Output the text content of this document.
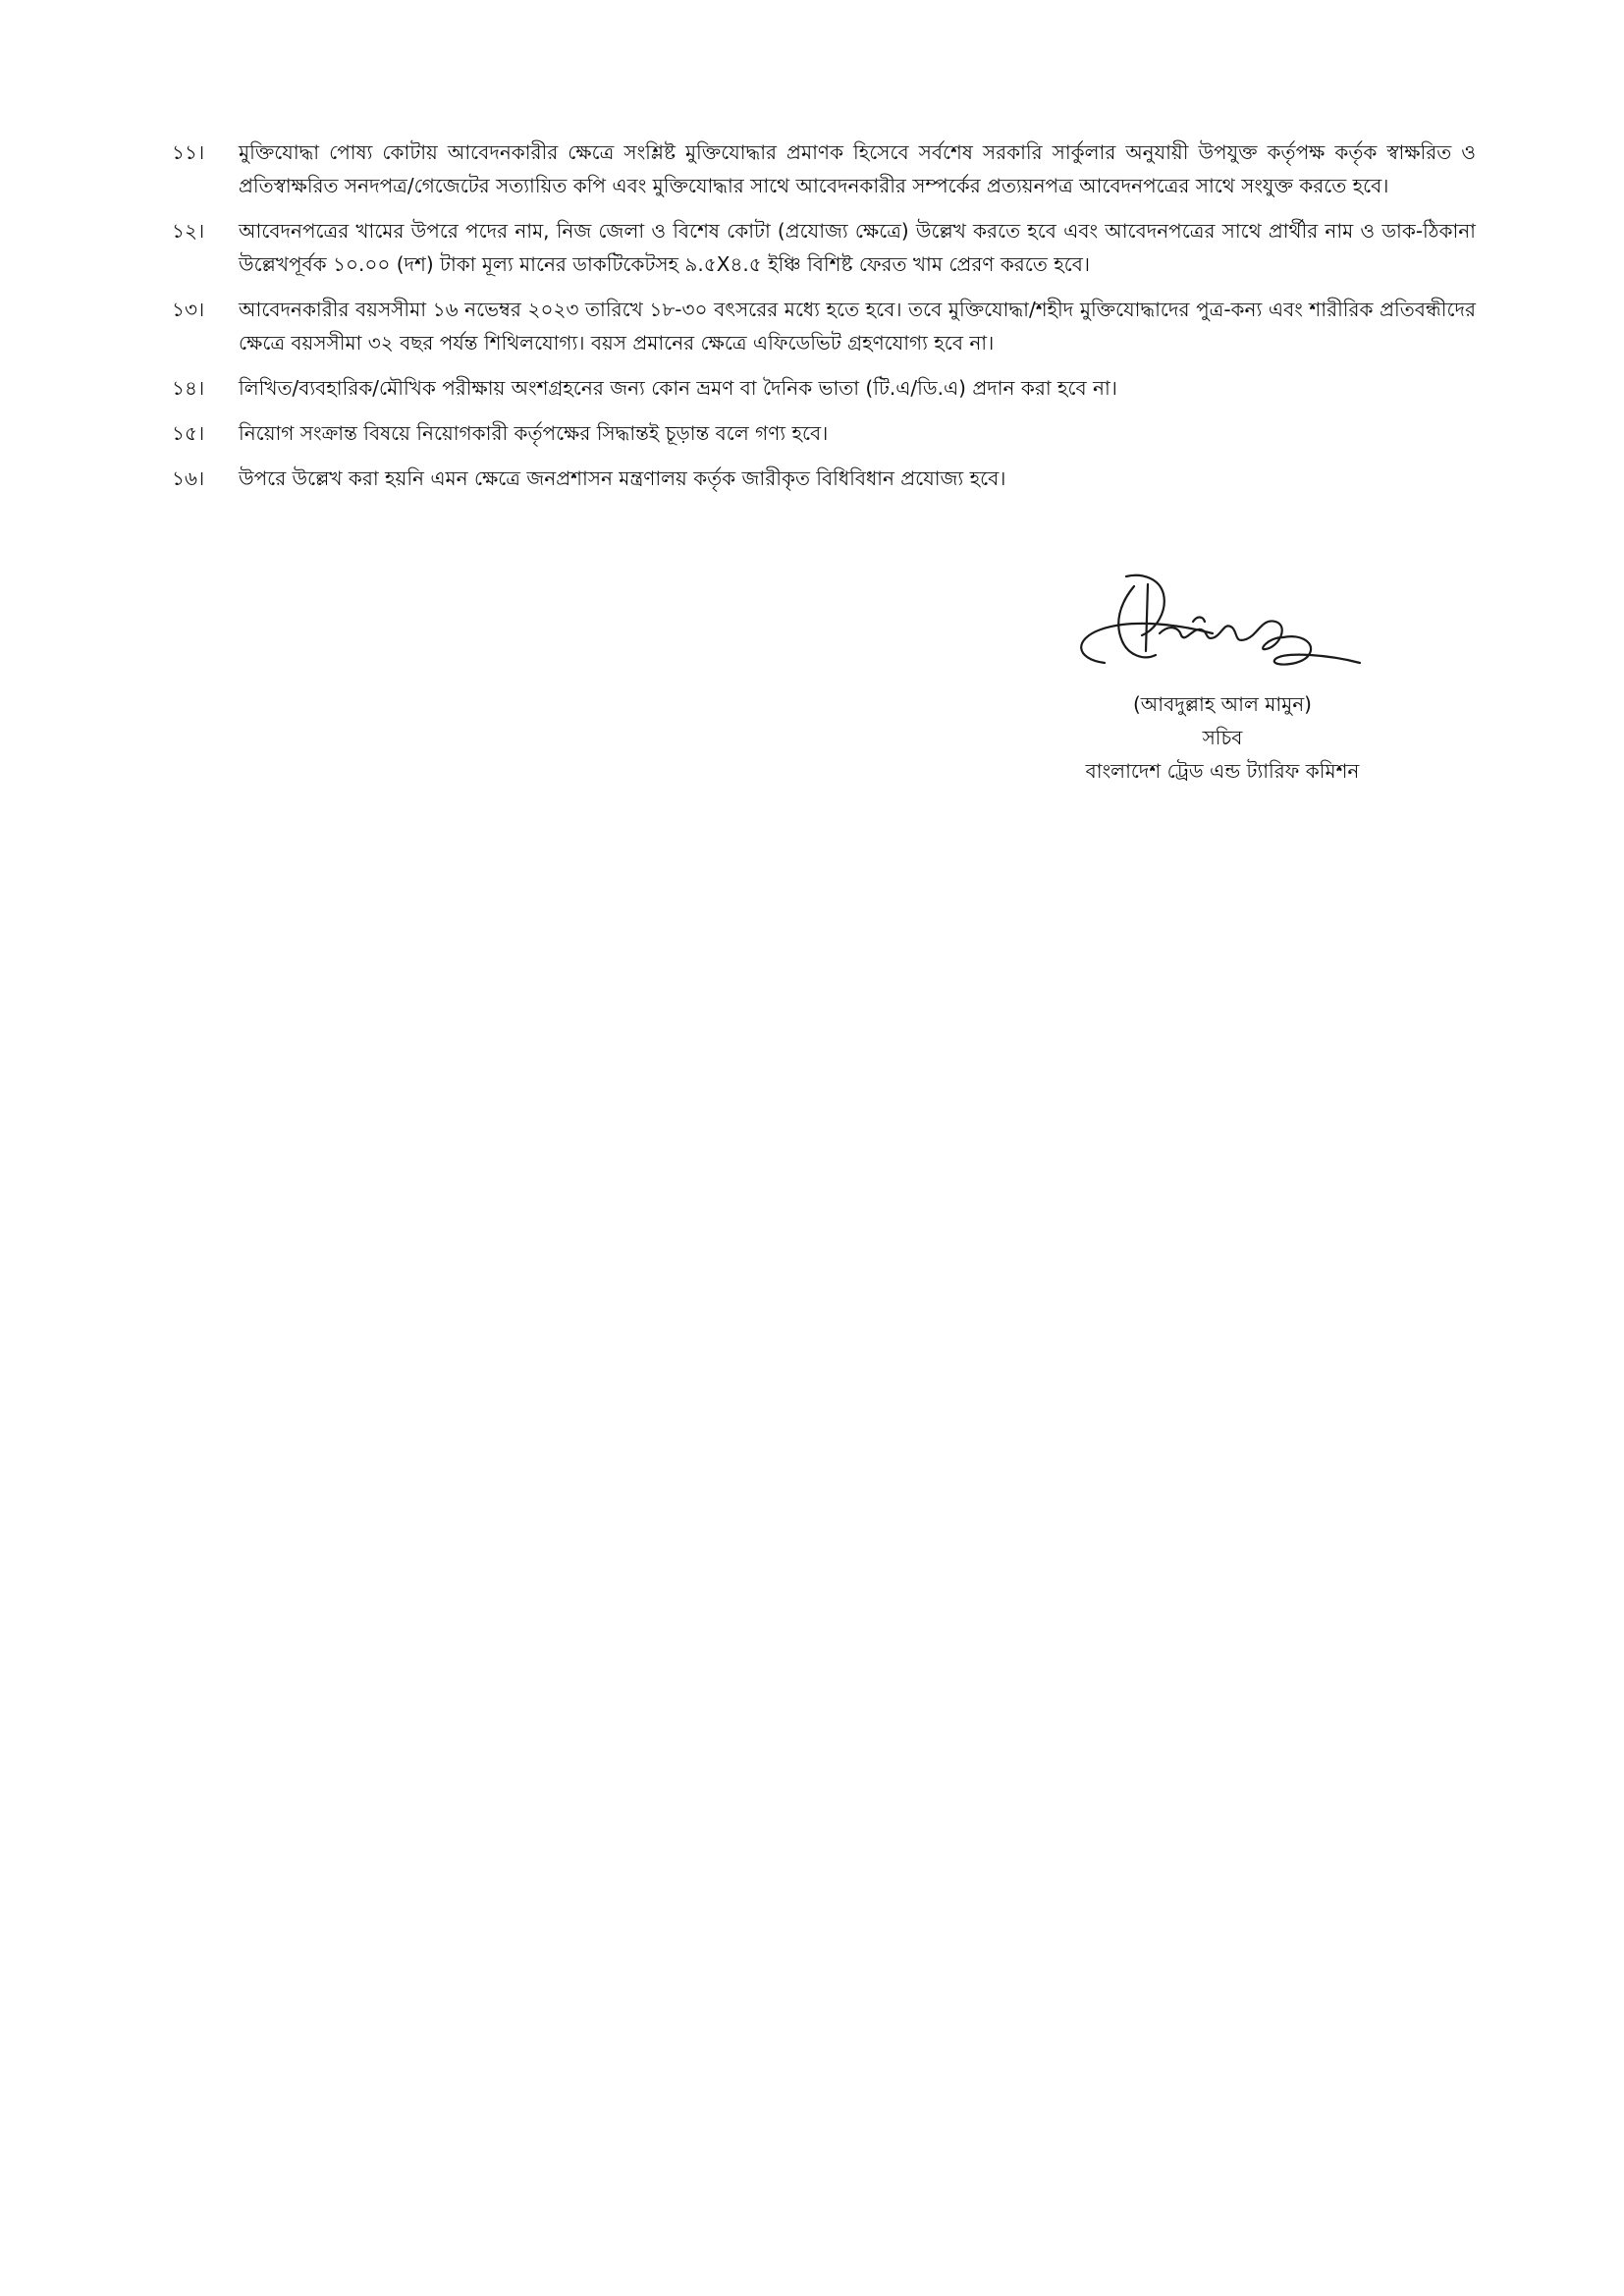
১১।	মুক্তিযোদ্ধা পোষ্য কোটায় আবেদনকারীর ক্ষেত্রে সংশ্লিষ্ট মুক্তিযোদ্ধার প্রমাণক হিসেবে সর্বশেষ সরকারি সার্কুলার অনুযায়ী উপযুক্ত কর্তৃপক্ষ কর্তৃক স্বাক্ষরিত ও প্রতিস্বাক্ষরিত সনদপত্র/গেজেটের সত্যায়িত কপি এবং মুক্তিযোদ্ধার সাথে আবেদনকারীর সম্পর্কের প্রত্যয়নপত্র আবেদনপত্রের সাথে সংযুক্ত করতে হবে।
১২।	আবেদনপত্রের খামের উপরে পদের নাম, নিজ জেলা ও বিশেষ কোটা (প্রযোজ্য ক্ষেত্রে) উল্লেখ করতে হবে এবং আবেদনপত্রের সাথে প্রার্থীর নাম ও ডাক-ঠিকানা উল্লেখপূর্বক ১০.০০ (দশ) টাকা মূল্য মানের ডাকটিকেটসহ ৯.৫X৪.৫ ইঞ্চি বিশিষ্ট ফেরত খাম প্রেরণ করতে হবে।
১৩।	আবেদনকারীর বয়সসীমা ১৬ নভেম্বর ২০২৩ তারিখে ১৮-৩০ বৎসরের মধ্যে হতে হবে। তবে মুক্তিযোদ্ধা/শহীদ মুক্তিযোদ্ধাদের পুত্র-কন্য এবং শারীরিক প্রতিবন্ধীদের ক্ষেত্রে বয়সসীমা ৩২ বছর পর্যন্ত শিথিলযোগ্য। বয়স প্রমানের ক্ষেত্রে এফিডেভিট গ্রহণযোগ্য হবে না।
১৪।	লিখিত/ব্যবহারিক/মৌখিক পরীক্ষায় অংশগ্রহনের জন্য কোন ভ্রমণ বা দৈনিক ভাতা (টি.এ/ডি.এ) প্রদান করা হবে না।
১৫।	নিয়োগ সংক্রান্ত বিষয়ে নিয়োগকারী কর্তৃপক্ষের সিদ্ধান্তই চূড়ান্ত বলে গণ্য হবে।
১৬।	উপরে উল্লেখ করা হয়নি এমন ক্ষেত্রে জনপ্রশাসন মন্ত্রণালয় কর্তৃক জারীকৃত বিধিবিধান প্রযোজ্য হবে।
(আবদুল্লাহ আল মামুন)
সচিব
বাংলাদেশ ট্রেড এন্ড ট্যারিফ কমিশন
